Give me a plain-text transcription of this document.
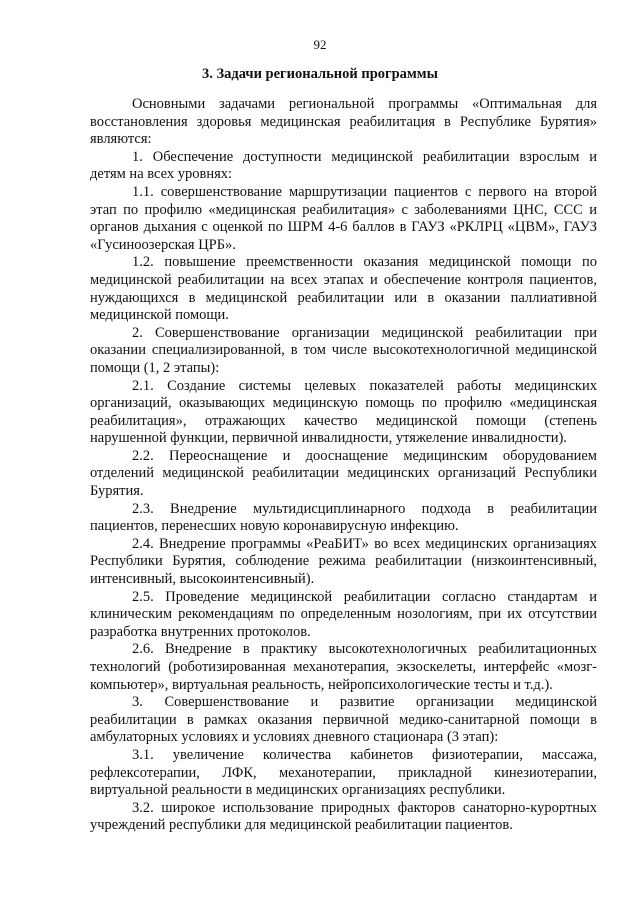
92
3. Задачи региональной программы

Основными задачами региональной программы «Оптимальная для восстановления здоровья медицинская реабилитация в Республике Бурятия» являются:

1. Обеспечение доступности медицинской реабилитации взрослым и детям на всех уровнях:

1.1. совершенствование маршрутизации пациентов с первого на второй этап по профилю «медицинская реабилитация» с заболеваниями ЦНС, ССС и органов дыхания с оценкой по ШРМ 4-6 баллов в ГАУЗ «РКЛРЦ «ЦВМ», ГАУЗ «Гусиноозерская ЦРБ».

1.2. повышение преемственности оказания медицинской помощи по медицинской реабилитации на всех этапах и обеспечение контроля пациентов, нуждающихся в медицинской реабилитации или в оказании паллиативной медицинской помощи.

2. Совершенствование организации медицинской реабилитации при оказании специализированной, в том числе высокотехнологичной медицинской помощи (1, 2 этапы):

2.1. Создание системы целевых показателей работы медицинских организаций, оказывающих медицинскую помощь по профилю «медицинская реабилитация», отражающих качество медицинской помощи (степень нарушенной функции, первичной инвалидности, утяжеление инвалидности).

2.2. Переоснащение и дооснащение медицинским оборудованием отделений медицинской реабилитации медицинских организаций Республики Бурятия.

2.3. Внедрение мультидисциплинарного подхода в реабилитации пациентов, перенесших новую коронавирусную инфекцию.

2.4. Внедрение программы «РеаБИТ» во всех медицинских организациях Республики Бурятия, соблюдение режима реабилитации (низкоинтенсивный, интенсивный, высокоинтенсивный).

2.5. Проведение медицинской реабилитации согласно стандартам и клиническим рекомендациям по определенным нозологиям, при их отсутствии разработка внутренних протоколов.

2.6. Внедрение в практику высокотехнологичных реабилитационных технологий (роботизированная механотерапия, экзоскелеты, интерфейс «мозг-компьютер», виртуальная реальность, нейропсихологические тесты и т.д.).

3. Совершенствование и развитие организации медицинской реабилитации в рамках оказания первичной медико-санитарной помощи в амбулаторных условиях и условиях дневного стационара (3 этап):

3.1. увеличение количества кабинетов физиотерапии, массажа, рефлексотерапии, ЛФК, механотерапии, прикладной кинезиотерапии, виртуальной реальности в медицинских организациях республики.

3.2. широкое использование природных факторов санаторно-курортных учреждений республики для медицинской реабилитации пациентов.
